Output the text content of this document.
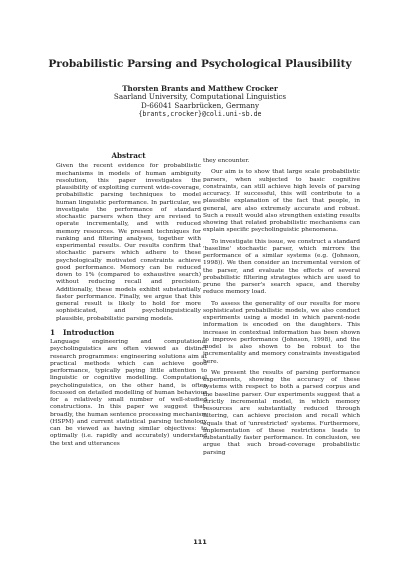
Probabilistic Parsing and Psychological Plausibility
Thorsten Brants and Matthew Crocker
Saarland University, Computational Linguistics
D-66041 Saarbrücken, Germany
{brants,crocker}@coli.uni-sb.de
Abstract
Given the recent evidence for probabilistic mechanisms in models of human ambiguity resolution, this paper investigates the plausibility of exploiting current wide-coverage, probabilistic parsing techniques to model human linguistic performance. In particular, we investigate the performance of standard stochastic parsers when they are revised to operate incrementally, and with reduced memory resources. We present techniques for ranking and filtering analyses, together with experimental results. Our results confirm that stochastic parsers which adhere to these psychologically motivated constraints achieve good performance. Memory can be reduced down to 1% (compared to exhaustive search) without reducing recall and precision. Additionally, these models exhibit substantially faster performance. Finally, we argue that this general result is likely to hold for more sophisticated, and psycholinguistically plausible, probabilistic parsing models.
1 Introduction

Language engineering and computational psycholinguistics are often viewed as distinct research programmes: engineering solutions aim at practical methods which can achieve good performance, typically paying little attention to linguistic or cognitive modelling. Computational psycholinguistics, on the other hand, is often focussed on detailed modelling of human behaviour for a relatively small number of well-studied constructions. In this paper we suggest that, broadly, the human sentence processing mechanism (HSPM) and current statistical parsing technology can be viewed as having similar objectives: to optimally (i.e. rapidly and accurately) understand the text and utterances

they encounter.

Our aim is to show that large scale probabilistic parsers, when subjected to basic cognitive constraints, can still achieve high levels of parsing accuracy. If successful, this will contribute to a plausible explanation of the fact that people, in general, are also extremely accurate and robust. Such a result would also strengthen existing results showing that related probabilistic mechanisms can explain specific psycholinguistic phenomena.

To investigate this issue, we construct a standard 'baseline' stochastic parser, which mirrors the performance of a similar systems (e.g. (Johnson, 1998)). We then consider an incremental version of the parser, and evaluate the effects of several probabilistic filtering strategies which are used to prune the parser's search space, and thereby reduce memory load.

To assess the generality of our results for more sophisticated probabilistic models, we also conduct experiments using a model in which parent-node information is encoded on the daughters. This increase in contextual information has been shown to improve performance (Johnson, 1998), and the model is also shown to be robust to the incrementality and memory constraints investigated here.

We present the results of parsing performance experiments, showing the accuracy of these systems with respect to both a parsed corpus and the baseline parser. Our experiments suggest that a strictly incremental model, in which memory resources are substantially reduced through filtering, can achieve precision and recall which equals that of 'unrestricted' systems. Furthermore, implementation of these restrictions leads to substantially faster performance. In conclusion, we argue that such broad-coverage probabilistic parsing

111
